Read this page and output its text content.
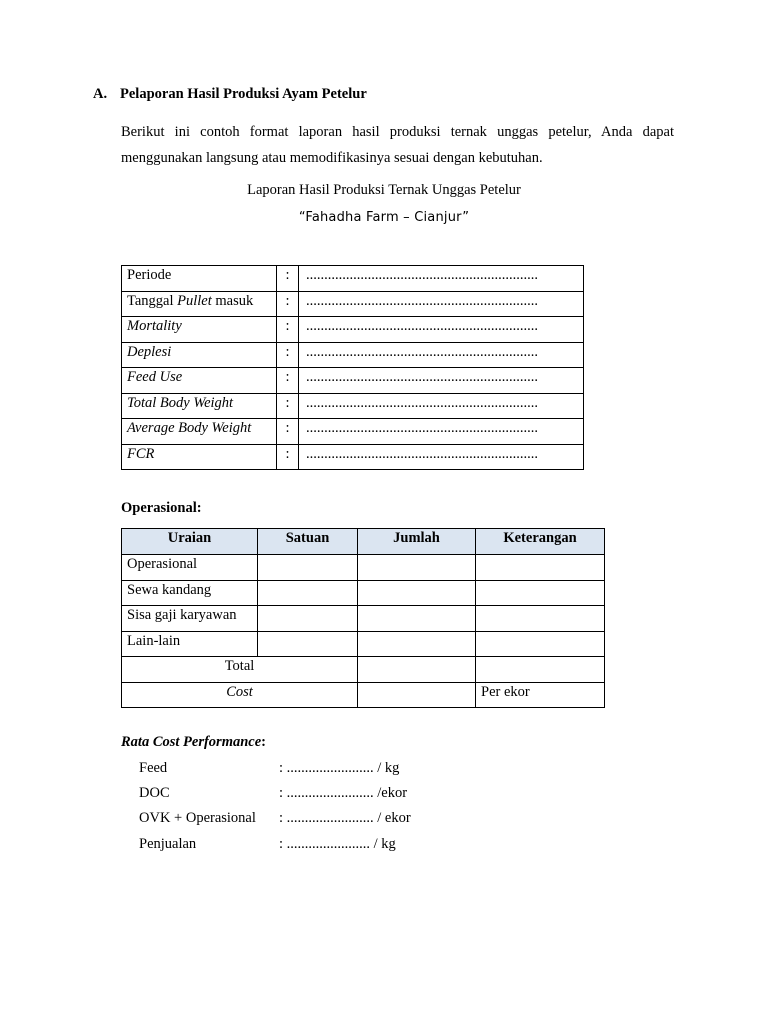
A. Pelaporan Hasil Produksi Ayam Petelur
Berikut ini contoh format laporan hasil produksi ternak unggas petelur, Anda dapat
menggunakan langsung atau memodifikasinya sesuai dengan kebutuhan.
Laporan Hasil Produksi Ternak Unggas Petelur
“Fahadha Farm – Cianjur”
Periode	:	................................................................
Tanggal Pullet masuk	:	................................................................
Mortality	:	................................................................
Deplesi	:	................................................................
Feed Use	:	................................................................
Total Body Weight	:	................................................................
Average Body Weight	:	................................................................
FCR	:	................................................................
Operasional:
Uraian	Satuan	Jumlah	Keterangan
Operasional			
Sewa kandang			
Sisa gaji karyawan			
Lain-lain			
Total			
Cost			Per ekor
Rata Cost Performance:
Feed	: ........................ / kg
DOC	: ........................ /ekor
OVK + Operasional : ........................ / ekor
Penjualan	: ....................... / kg
